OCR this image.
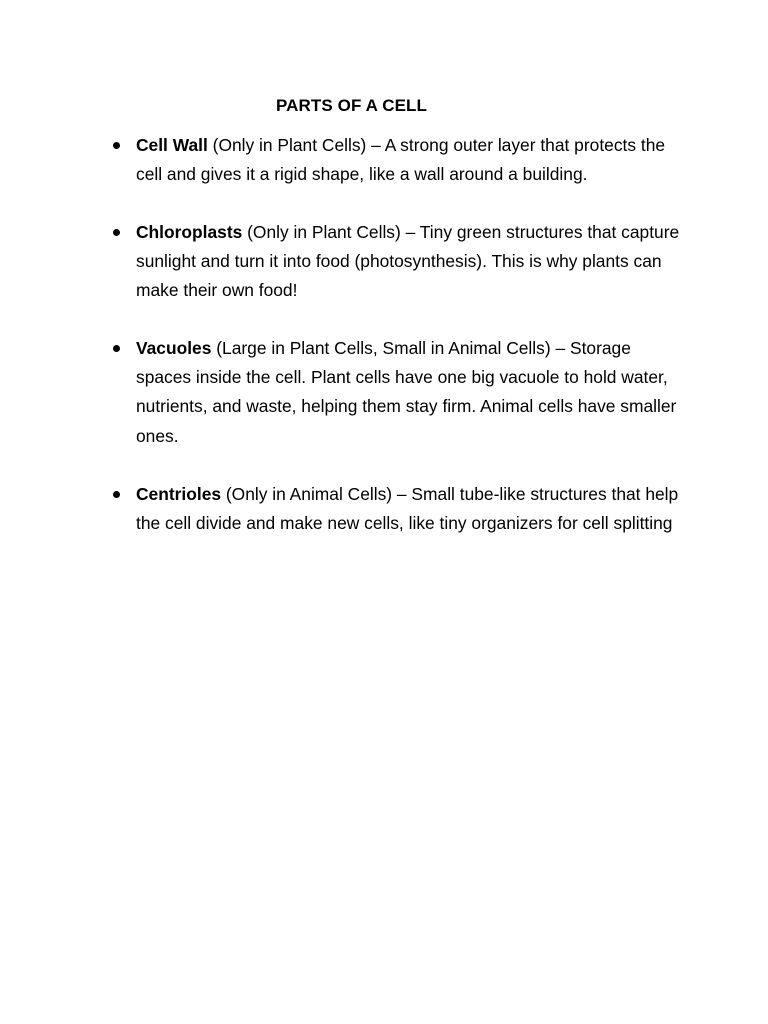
PARTS OF A CELL
Cell Wall (Only in Plant Cells) – A strong outer layer that protects the cell and gives it a rigid shape, like a wall around a building.
Chloroplasts (Only in Plant Cells) – Tiny green structures that capture sunlight and turn it into food (photosynthesis). This is why plants can make their own food!
Vacuoles (Large in Plant Cells, Small in Animal Cells) – Storage spaces inside the cell. Plant cells have one big vacuole to hold water, nutrients, and waste, helping them stay firm. Animal cells have smaller ones.
Centrioles (Only in Animal Cells) – Small tube-like structures that help the cell divide and make new cells, like tiny organizers for cell splitting
